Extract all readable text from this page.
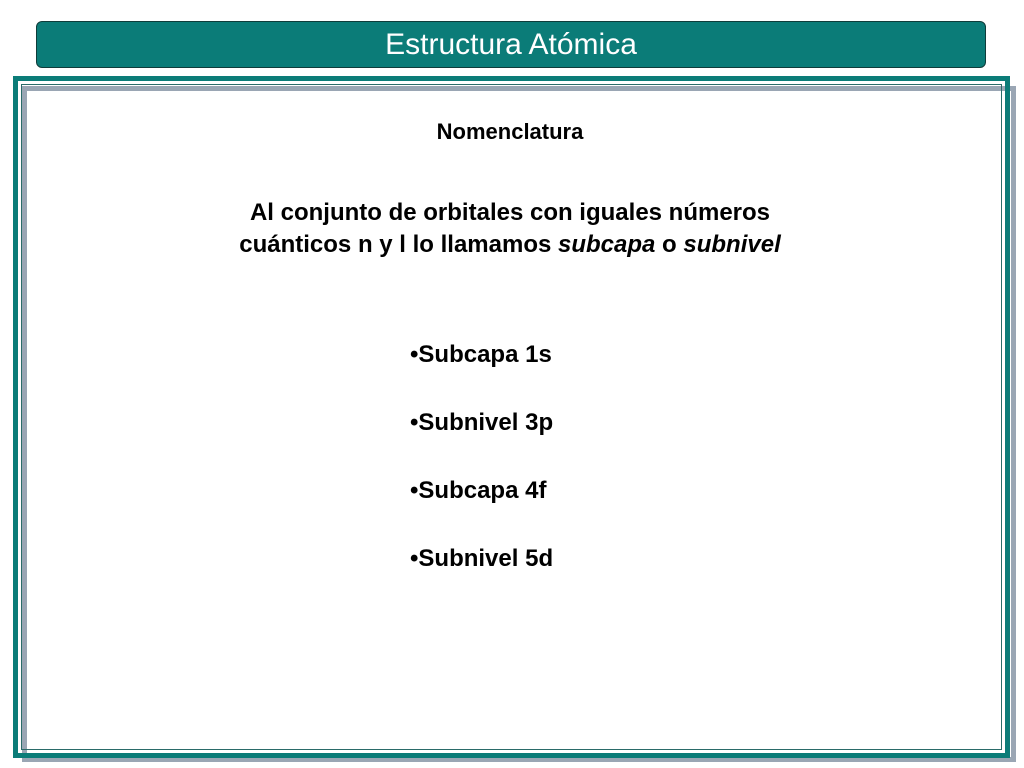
Estructura Atómica
Nomenclatura
Al conjunto de orbitales con iguales números
cuánticos n y l lo llamamos subcapa o subnivel
•Subcapa 1s
•Subnivel 3p
•Subcapa 4f
•Subnivel 5d
